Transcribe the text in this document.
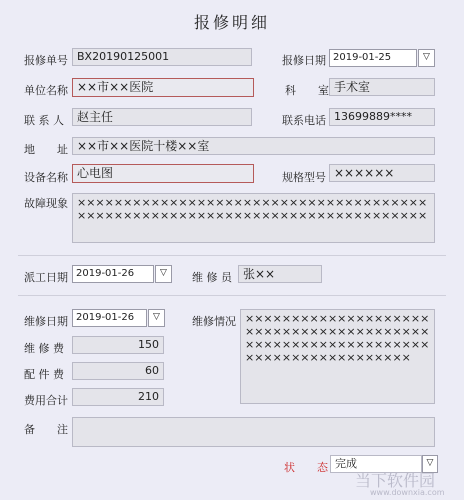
报修明细
报修单号 BX20190125001	报修日期 2019-01-25	▽
单位名称 ××市××医院	科　　室 手术室
联 系 人	赵主任	联系电话 13699889****
地　　址 ××市××医院十楼××室
设备名称 心电图	规格型号 ××××××
故障现象 ××××××××××××××××××××××××××××××××××××××××××××××××××××××××××××××××××××××××××××
派工日期 2019-01-26	▽	维 修 员 张××
维修日期 2019-01-26	▽	维修情况 ××××××××××××××××××××××××××××××××××××××××××××××××××××××××××××××××××××××××××××××
维 修 费	150
配 件 费	60
费用合计	210
备　　注
状　　态 完成	▽
当下软件园
www.downxia.com
